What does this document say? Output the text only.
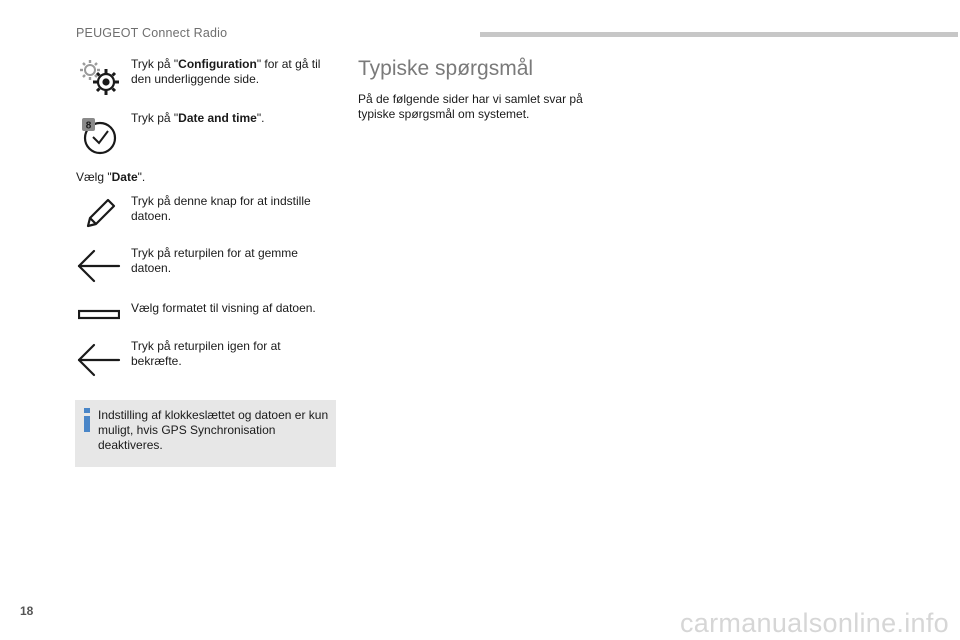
PEUGEOT Connect Radio
Tryk på "Configuration" for at gå til den underliggende side.
8
Tryk på "Date and time".
Vælg "Date".
Tryk på denne knap for at indstille datoen.
Tryk på returpilen for at gemme datoen.
Vælg formatet til visning af datoen.
Tryk på returpilen igen for at bekræfte.
Indstilling af klokkeslættet og datoen er kun muligt, hvis GPS Synchronisation deaktiveres.
Typiske spørgsmål
På de følgende sider har vi samlet svar på typiske spørgsmål om systemet.
18	carmanualsonline.info
